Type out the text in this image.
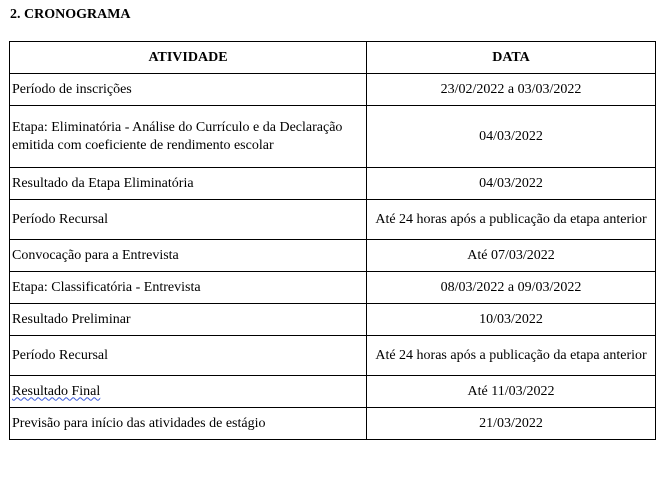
2. CRONOGRAMA
ATIVIDADE	DATA
Período de inscrições	23/02/2022 a 03/03/2022
Etapa: Eliminatória - Análise do Currículo e da Declaração emitida com coeficiente de rendimento escolar	04/03/2022
Resultado da Etapa Eliminatória	04/03/2022
Período Recursal	Até 24 horas após a publicação da etapa anterior
Convocação para a Entrevista	Até 07/03/2022
Etapa: Classificatória - Entrevista	08/03/2022 a 09/03/2022
Resultado Preliminar	10/03/2022
Período Recursal	Até 24 horas após a publicação da etapa anterior
Resultado Final	Até 11/03/2022
Previsão para início das atividades de estágio	21/03/2022
